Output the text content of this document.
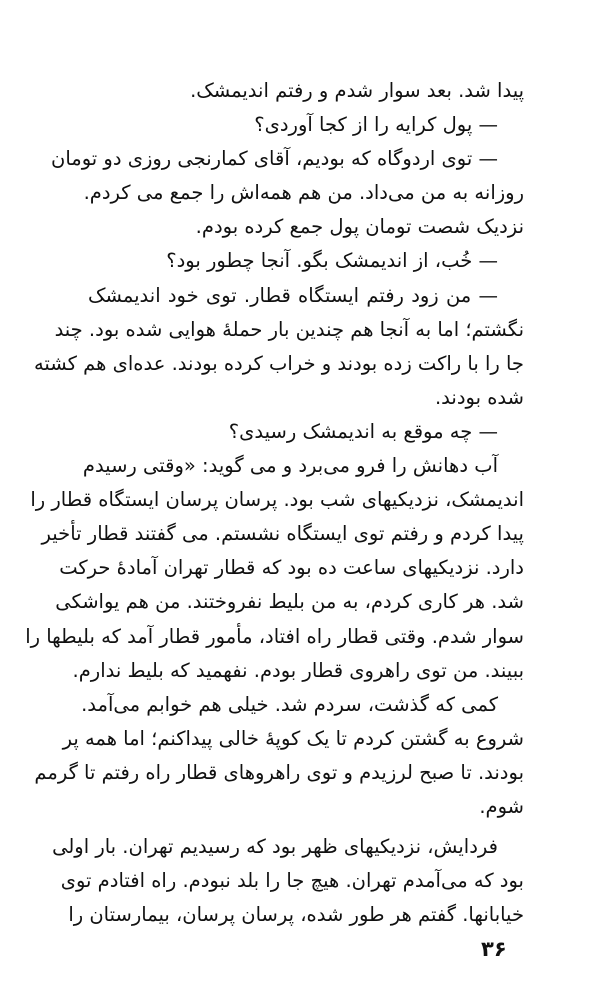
پیدا شد. بعد سوار شدم و رفتم اندیمشک.
— پول کرایه را از کجا آوردی؟
— توی اردوگاه که بودیم، آقای کمارنجی روزی دو تومان
روزانه به من می‌داد. من هم همه‌اش را جمع می کردم.
نزدیک شصت تومان پول جمع کرده بودم.
— خُب، از اندیمشک بگو. آنجا چطور بود؟
— من زود رفتم ایستگاه قطار. توی خود اندیمشک
نگشتم؛ اما به آنجا هم چندین بار حملهٔ هوایی شده بود. چند
جا را با راکت زده بودند و خراب کرده بودند. عده‌ای هم کشته
شده بودند.
— چه موقع به اندیمشک رسیدی؟
آب دهانش را فرو می‌برد و می گوید: «وقتی رسیدم
اندیمشک، نزدیکیهای شب بود. پرسان پرسان ایستگاه قطار را
پیدا کردم و رفتم توی ایستگاه نشستم. می گفتند قطار تأخیر
دارد. نزدیکیهای ساعت ده بود که قطار تهران آمادهٔ حرکت
شد. هر کاری کردم، به من بلیط نفروختند. من هم یواشکی
سوار شدم. وقتی قطار راه افتاد، مأمور قطار آمد که بلیطها را
ببیند. من توی راهروی قطار بودم. نفهمید که بلیط ندارم.
کمی که گذشت، سردم شد. خیلی هم خوابم می‌آمد.
شروع به گشتن کردم تا یک کوپهٔ خالی پیداکنم؛ اما همه پر
بودند. تا صبح لرزیدم و توی راهروهای قطار راه رفتم تا گرمم
شوم.
فردایش، نزدیکیهای ظهر بود که رسیدیم تهران. بار اولی
بود که می‌آمدم تهران. هیچ جا را بلد نبودم. راه افتادم توی
خیابانها. گفتم هر طور شده، پرسان پرسان، بیمارستان را
۳۶
